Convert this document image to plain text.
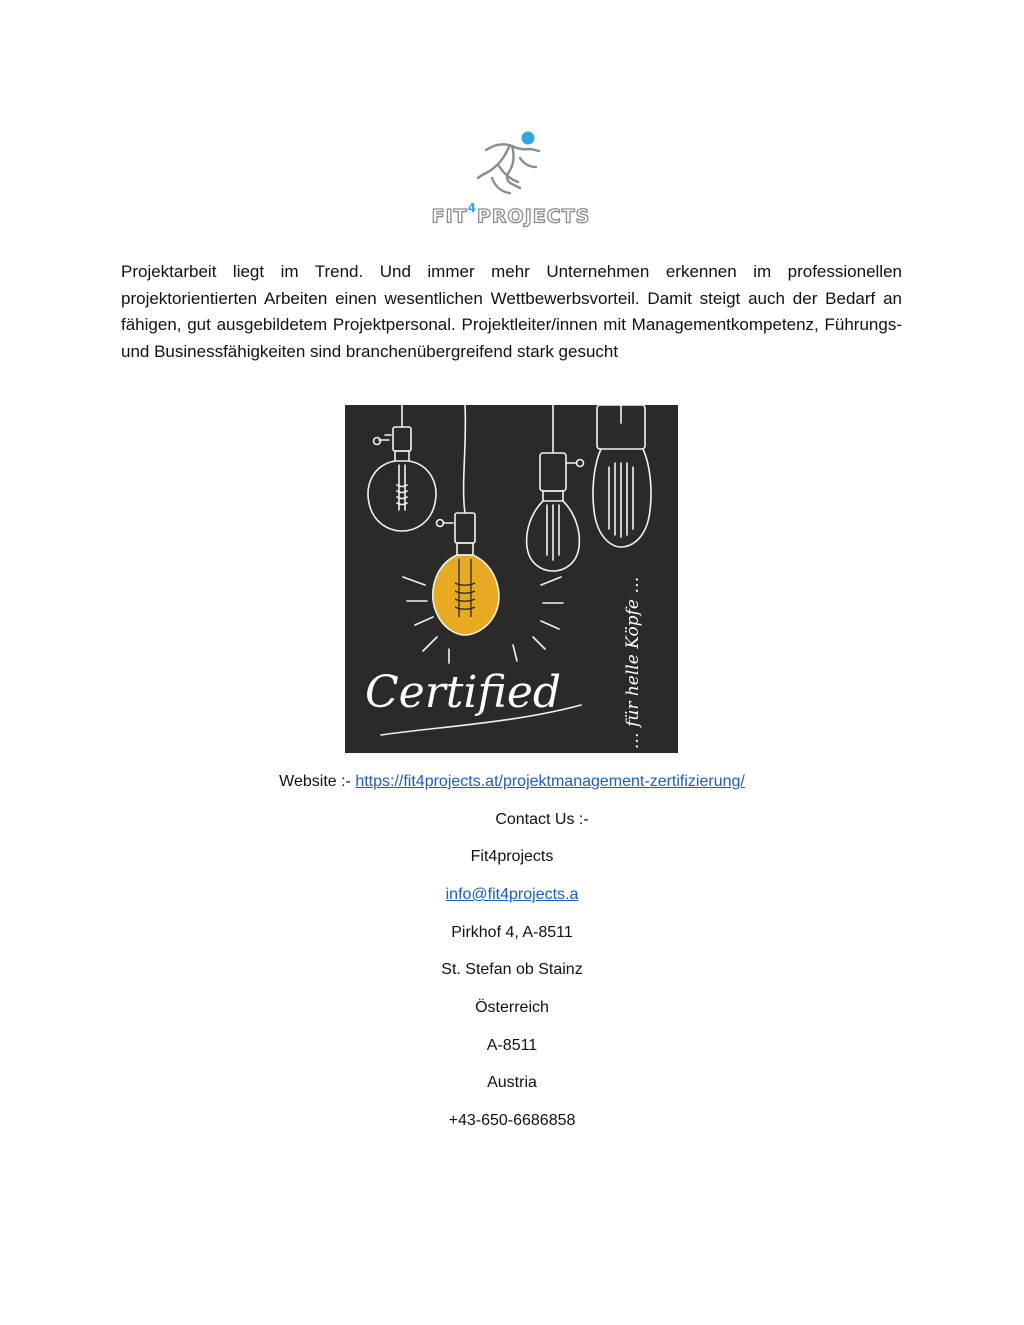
FIT$^4$PROJECTS

Projektarbeit liegt im Trend. Und immer mehr Unternehmen erkennen im professionellen projektorientierten Arbeiten einen wesentlichen Wettbewerbsvorteil. Damit steigt auch der Bedarf an fähigen, gut ausgebildetem Projektpersonal. Projektleiter/innen mit Managementkompetenz, Führungs- und Businessfähigkeiten sind branchenübergreifend stark gesucht

Certified	… für helle Köpfe …
Website :- https://fit4projects.at/projektmanagement-zertifizierung/
Contact Us :-
Fit4projects
info@fit4projects.a
Pirkhof 4, A-8511
St. Stefan ob Stainz
Österreich
A-8511
Austria
+43-650-6686858
